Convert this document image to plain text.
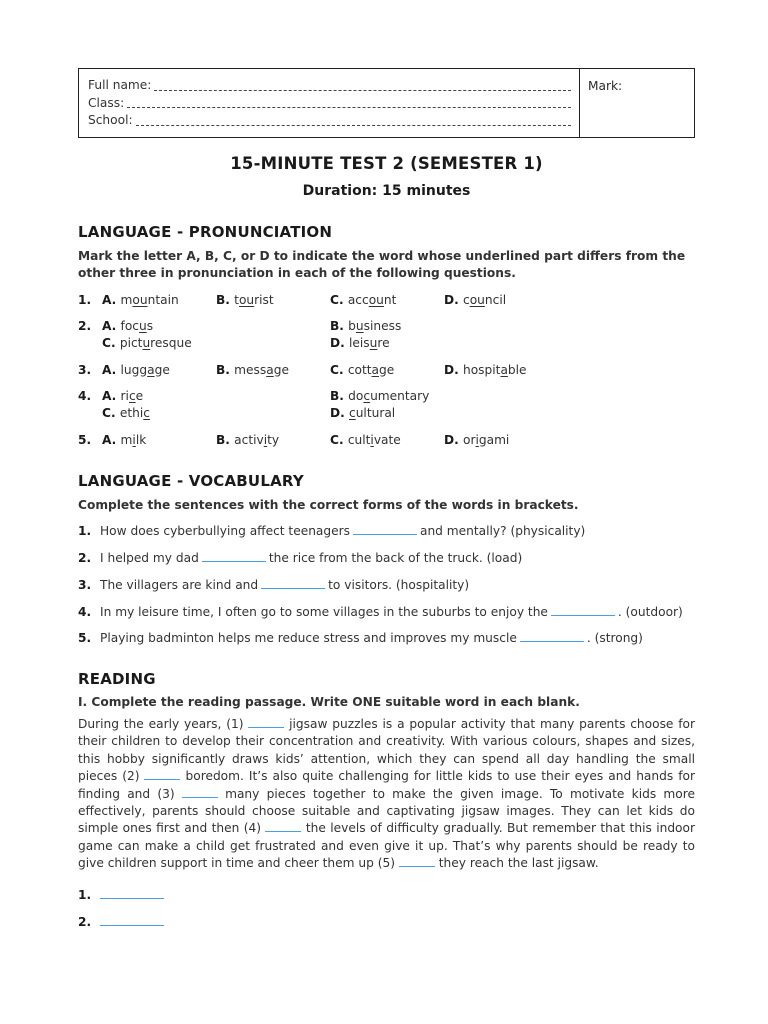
Full name:
Class:
School:
Mark:
15-MINUTE TEST 2 (SEMESTER 1)
Duration: 15 minutes
LANGUAGE - PRONUNCIATION
Mark the letter A, B, C, or D to indicate the word whose underlined part differs from the other three in pronunciation in each of the following questions.
1. A. mountain	B. tourist	C. account	D. council
2. A. focus	B. business
C. picturesque	D. leisure
3. A. luggage	B. message	C. cottage	D. hospitable
4. A. rice	B. documentary
C. ethic	D. cultural
5. A. milk	B. activity	C. cultivate	D. origami
LANGUAGE - VOCABULARY
Complete the sentences with the correct forms of the words in brackets.
1. How does cyberbullying affect teenagers	and mentally? (physicality)
2. I helped my dad	the rice from the back of the truck. (load)
3. The villagers are kind and	to visitors. (hospitality)
4. In my leisure time, I often go to some villages in the suburbs to enjoy the	. (outdoor)
5. Playing badminton helps me reduce stress and improves my muscle	. (strong)
READING
I. Complete the reading passage. Write ONE suitable word in each blank.
During the early years, (1)	jigsaw puzzles is a popular activity that many parents choose for their children to develop their concentration and creativity. With various colours, shapes and sizes, this hobby significantly draws kids’ attention, which they can spend all day handling the small pieces (2)	boredom. It’s also quite challenging for little kids to use their eyes and hands for finding and (3)	many pieces together to make the given image. To motivate kids more effectively, parents should choose suitable and captivating jigsaw images. They can let kids do simple ones first and then (4)	the levels of difficulty gradually. But remember that this indoor game can make a child get frustrated and even give it up. That’s why parents should be ready to give children support in time and cheer them up (5)	they reach the last jigsaw.
1.
2.
